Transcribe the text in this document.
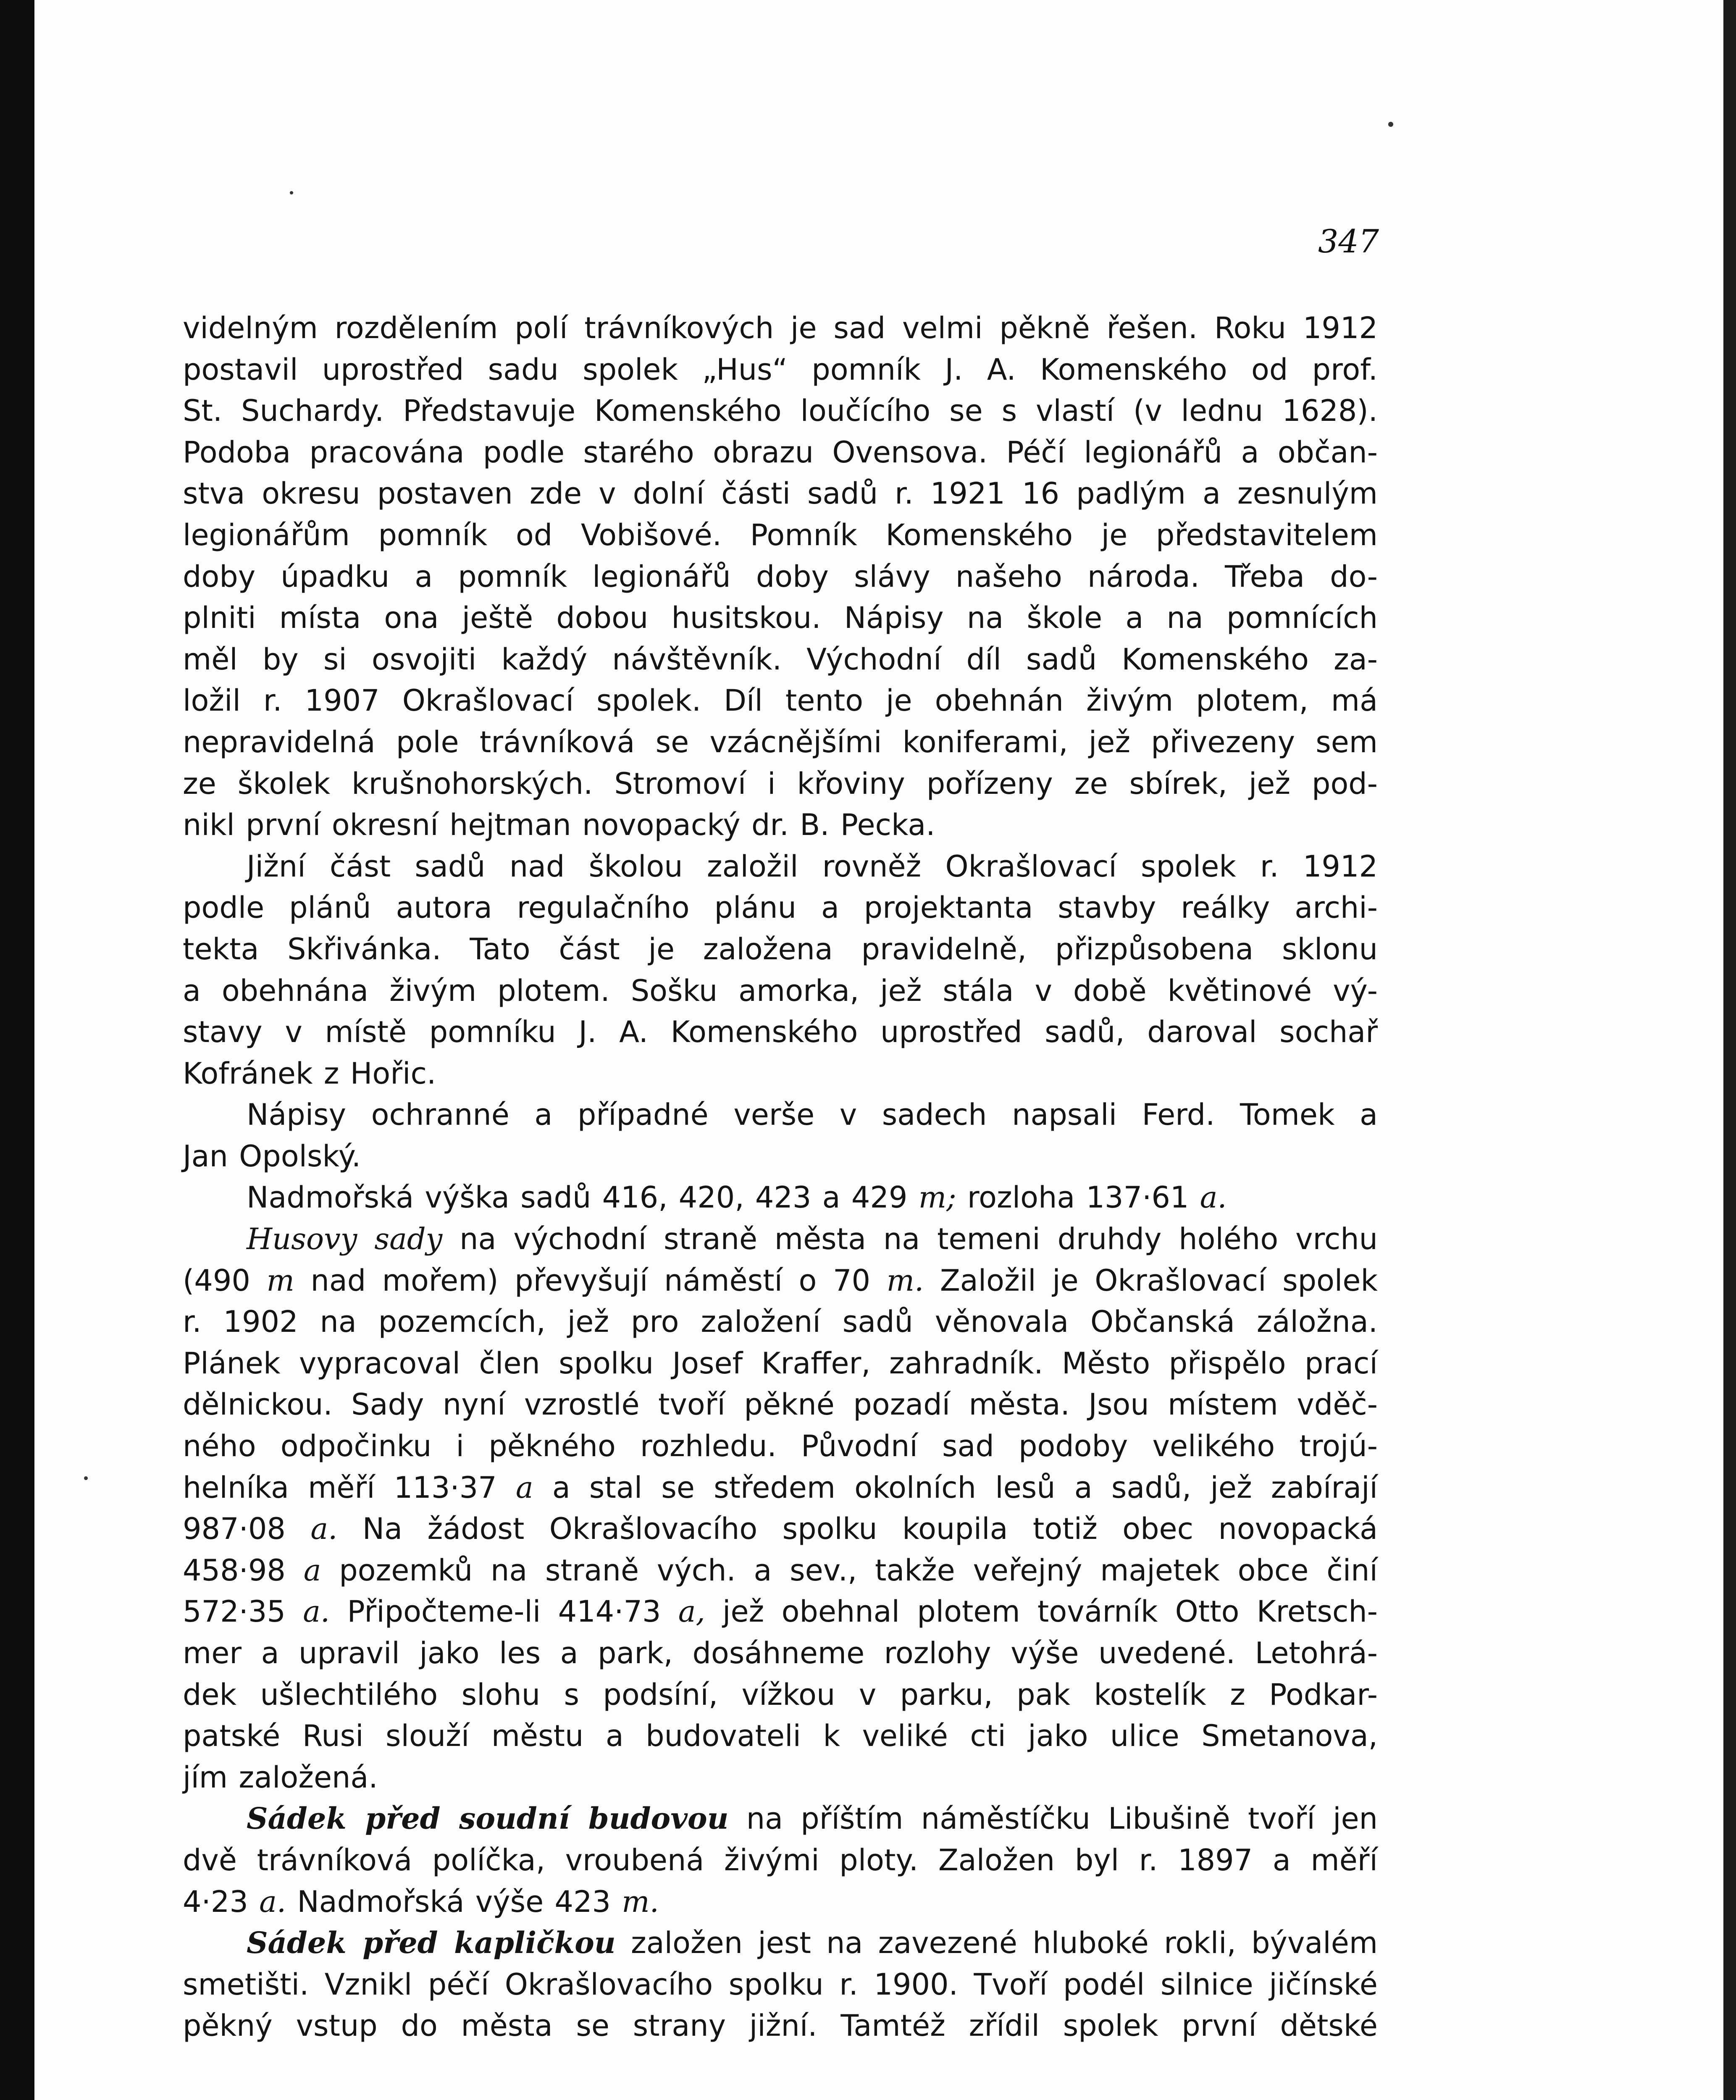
347
videlným rozdělením polí trávníkových je sad velmi pěkně řešen. Roku 1912
postavil uprostřed sadu spolek „Hus“ pomník J. A. Komenského od prof.
St. Suchardy. Představuje Komenského loučícího se s vlastí (v lednu 1628).
Podoba pracována podle starého obrazu Ovensova. Péčí legionářů a občan-
stva okresu postaven zde v dolní části sadů r. 1921 16 padlým a zesnulým
legionářům pomník od Vobišové. Pomník Komenského je představitelem
doby úpadku a pomník legionářů doby slávy našeho národa. Třeba do-
plniti místa ona ještě dobou husitskou. Nápisy na škole a na pomnících
měl by si osvojiti každý návštěvník. Východní díl sadů Komenského za-
ložil r. 1907 Okrašlovací spolek. Díl tento je obehnán živým plotem, má
nepravidelná pole trávníková se vzácnějšími koniferami, jež přivezeny sem
ze školek krušnohorských. Stromoví i křoviny pořízeny ze sbírek, jež pod-
nikl první okresní hejtman novopacký dr. B. Pecka.
Jižní část sadů nad školou založil rovněž Okrašlovací spolek r. 1912
podle plánů autora regulačního plánu a projektanta stavby reálky archi-
tekta Skřivánka. Tato část je založena pravidelně, přizpůsobena sklonu
a obehnána živým plotem. Sošku amorka, jež stála v době květinové vý-
stavy v místě pomníku J. A. Komenského uprostřed sadů, daroval sochař
Kofránek z Hořic.
Nápisy ochranné a případné verše v sadech napsali Ferd. Tomek a
Jan Opolský.
Nadmořská výška sadů 416, 420, 423 a 429 m; rozloha 137·61 a.
Husovy sady na východní straně města na temeni druhdy holého vrchu
(490 m nad mořem) převyšují náměstí o 70 m. Založil je Okrašlovací spolek
r. 1902 na pozemcích, jež pro založení sadů věnovala Občanská záložna.
Plánek vypracoval člen spolku Josef Kraffer, zahradník. Město přispělo prací
dělnickou. Sady nyní vzrostlé tvoří pěkné pozadí města. Jsou místem vděč-
ného odpočinku i pěkného rozhledu. Původní sad podoby velikého trojú-
helníka měří 113·37 a a stal se středem okolních lesů a sadů, jež zabírají
987·08 a. Na žádost Okrašlovacího spolku koupila totiž obec novopacká
458·98 a pozemků na straně vých. a sev., takže veřejný majetek obce činí
572·35 a. Připočteme-li 414·73 a, jež obehnal plotem továrník Otto Kretsch-
mer a upravil jako les a park, dosáhneme rozlohy výše uvedené. Letohrá-
dek ušlechtilého slohu s podsíní, vížkou v parku, pak kostelík z Podkar-
patské Rusi slouží městu a budovateli k veliké cti jako ulice Smetanova,
jím založená.
Sádek před soudní budovou na příštím náměstíčku Libušině tvoří jen
dvě trávníková políčka, vroubená živými ploty. Založen byl r. 1897 a měří
4·23 a. Nadmořská výše 423 m.
Sádek před kapličkou založen jest na zavezené hluboké rokli, bývalém
smetišti. Vznikl péčí Okrašlovacího spolku r. 1900. Tvoří podél silnice jičínské
pěkný vstup do města se strany jižní. Tamtéž zřídil spolek první dětské
